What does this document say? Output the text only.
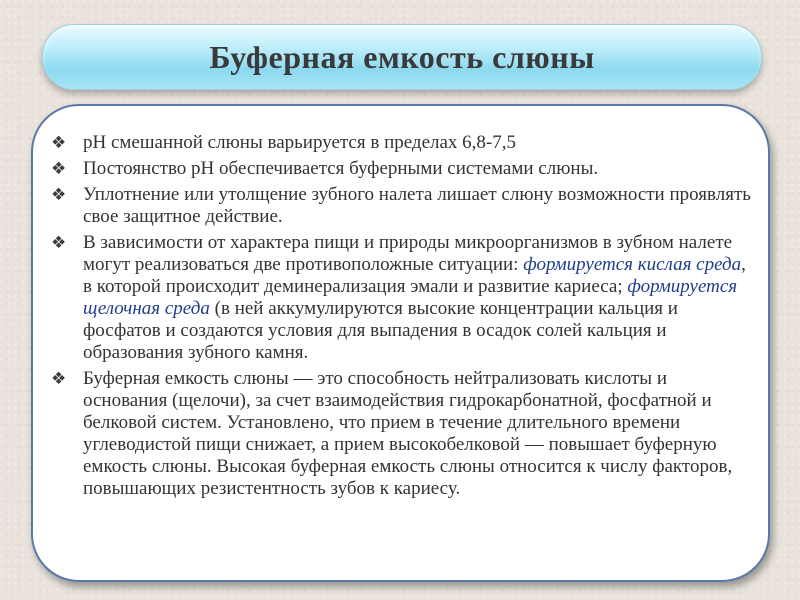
Буферная емкость слюны
❖ pH смешанной слюны варьируется в пределах 6,8-7,5
❖ Постоянство pH обеспечивается буферными системами слюны.
❖ Уплотнение или утолщение зубного налета лишает слюну возможности проявлять свое защитное действие.
❖ В зависимости от характера пищи и природы микроорганизмов в зубном налете могут реализоваться две противоположные ситуации: формируется кислая среда, в которой происходит деминерализация эмали и развитие кариеса; формируется щелочная среда (в ней аккумулируются высокие концентрации кальция и фосфатов и создаются условия для выпадения в осадок солей кальция и образования зубного камня.
❖ Буферная емкость слюны — это способность нейтрализовать кислоты и основания (щелочи), за счет взаимодействия гидрокарбонатной, фосфатной и белковой систем. Установлено, что прием в течение длительного времени углеводистой пищи снижает, а прием высокобелковой — повышает буферную емкость слюны. Высокая буферная емкость слюны относится к числу факторов, повышающих резистентность зубов к кариесу.
